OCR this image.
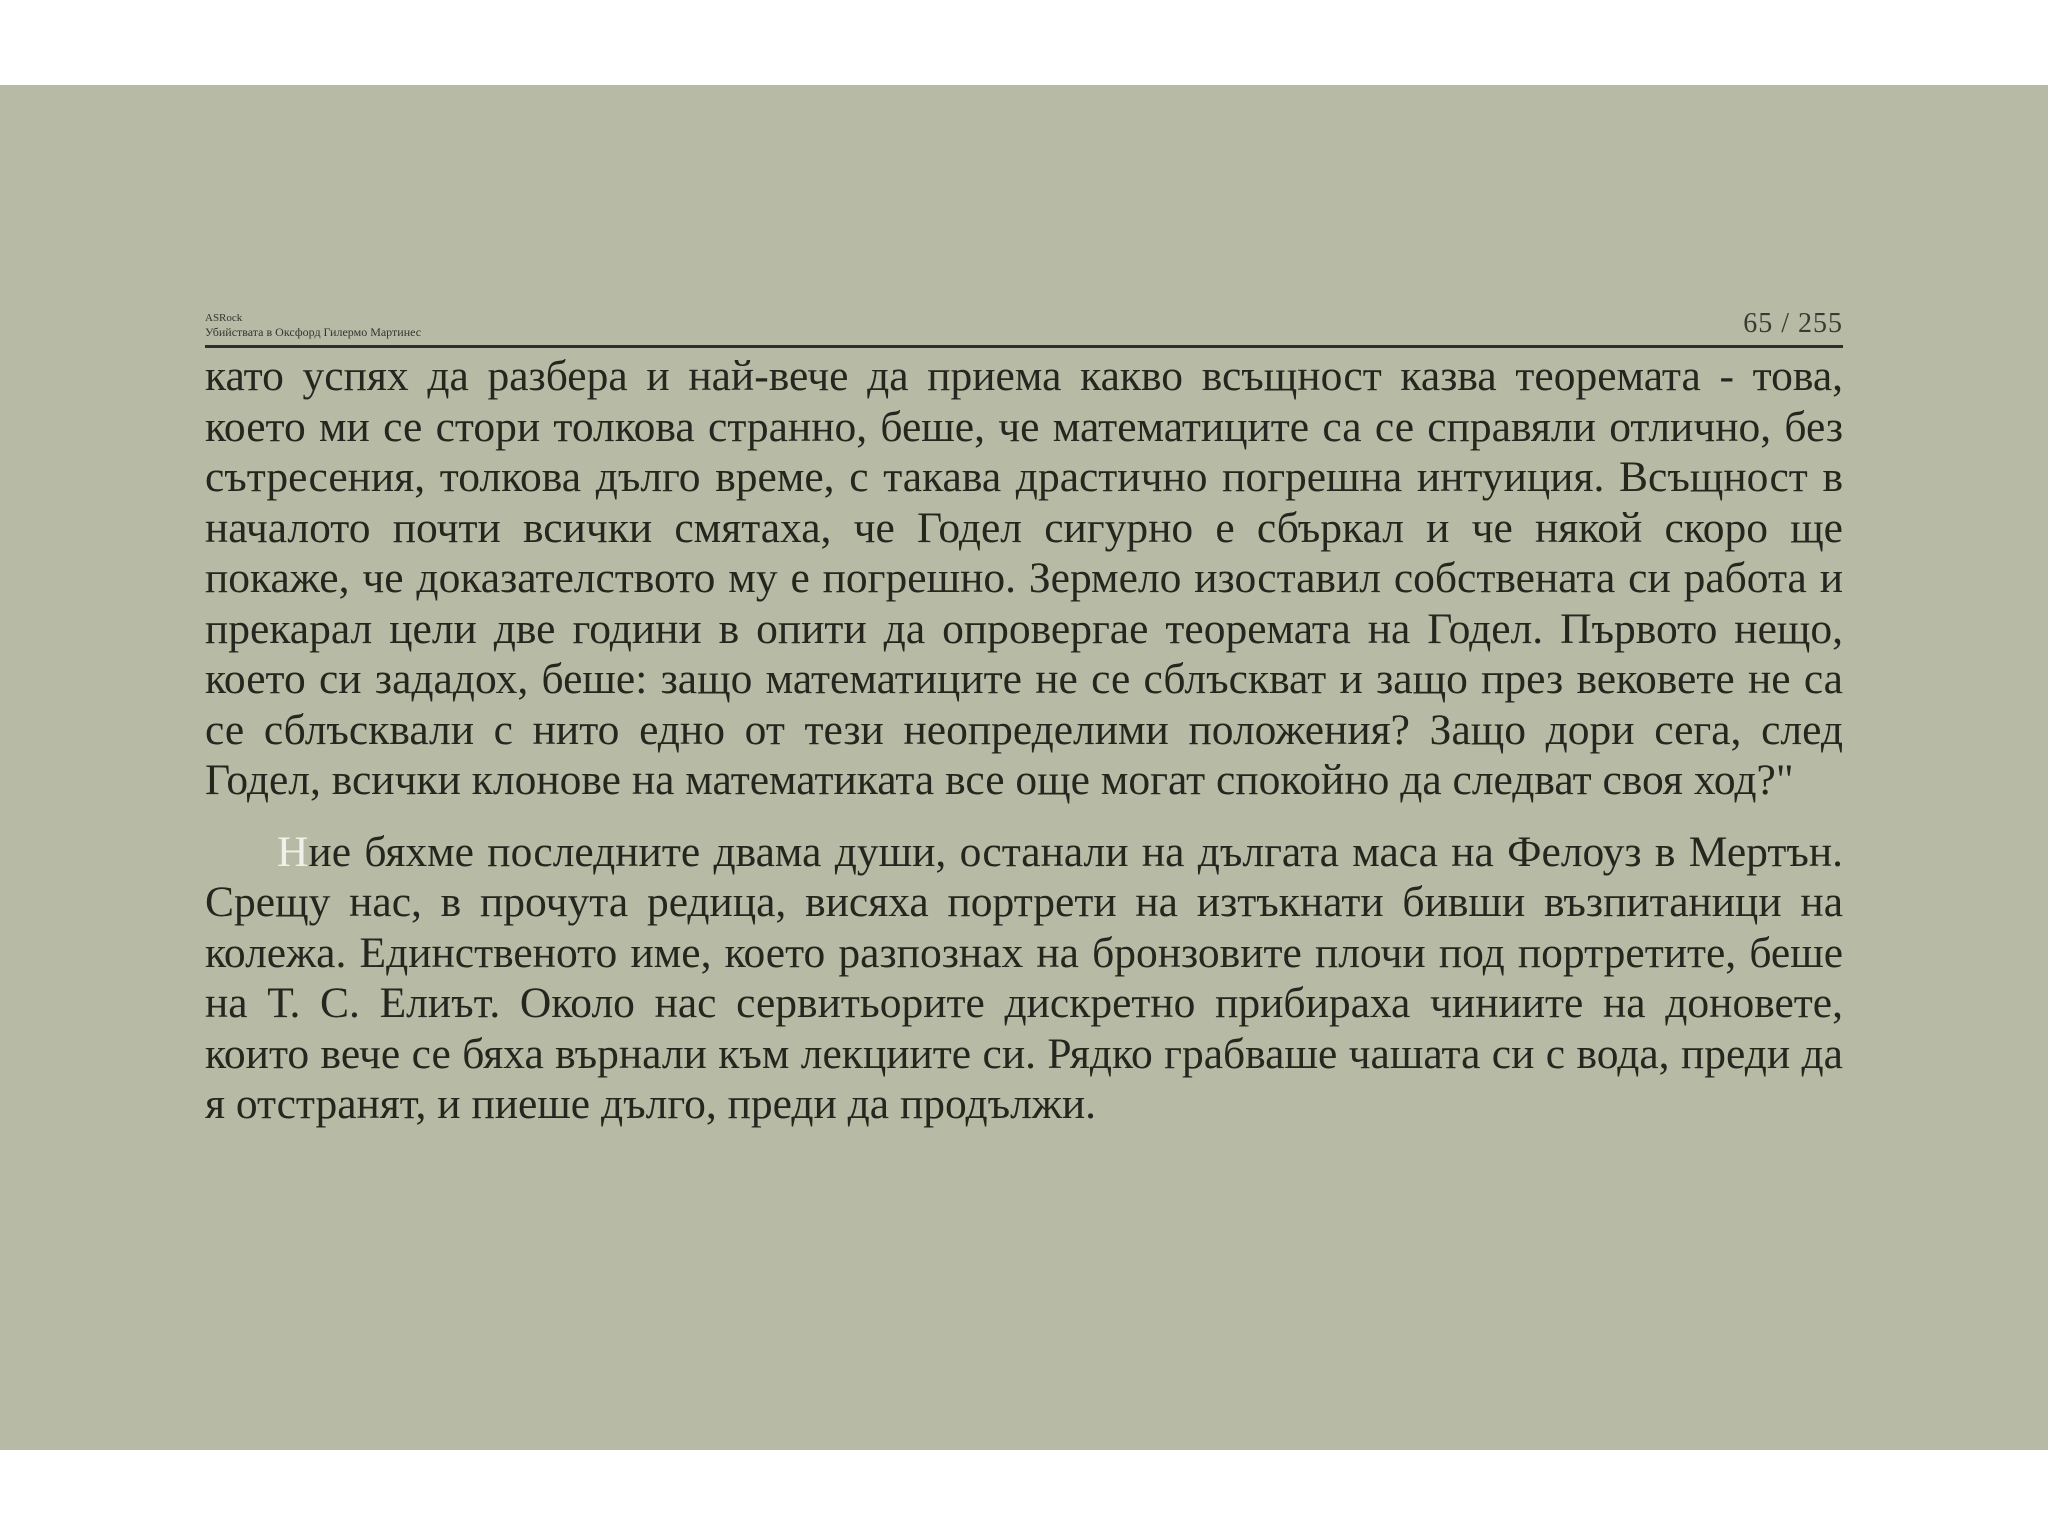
ASRock
Убийствата в Оксфорд Гилермо Мартинес	65 / 255

като успях да разбера и най-вече да приема какво всъщност казва теоремата - това, което ми се стори толкова странно, беше, че математиците са се справяли отлично, без сътресения, толкова дълго време, с такава драстично погрешна интуиция. Всъщност в началото почти всички смятаха, че Годел сигурно е сбъркал и че някой скоро ще покаже, че доказателството му е погрешно. Зермело изоставил собствената си работа и прекарал цели две години в опити да опровергае теоремата на Годел. Първото нещо, което си зададох, беше: защо математиците не се сблъскват и защо през вековете не са се сблъсквали с нито едно от тези неопределими положения? Защо дори сега, след Годел, всички клонове на математиката все още могат спокойно да следват своя ход?"

Ние бяхме последните двама души, останали на дългата маса на Фелоуз в Мертън. Срещу нас, в прочута редица, висяха портрети на изтъкнати бивши възпитаници на колежа. Единственото име, което разпознах на бронзовите плочи под портретите, беше на Т. С. Елиът. Около нас сервитьорите дискретно прибираха чиниите на доновете, които вече се бяха върнали към лекциите си. Рядко грабваше чашата си с вода, преди да я отстранят, и пиеше дълго, преди да продължи.
